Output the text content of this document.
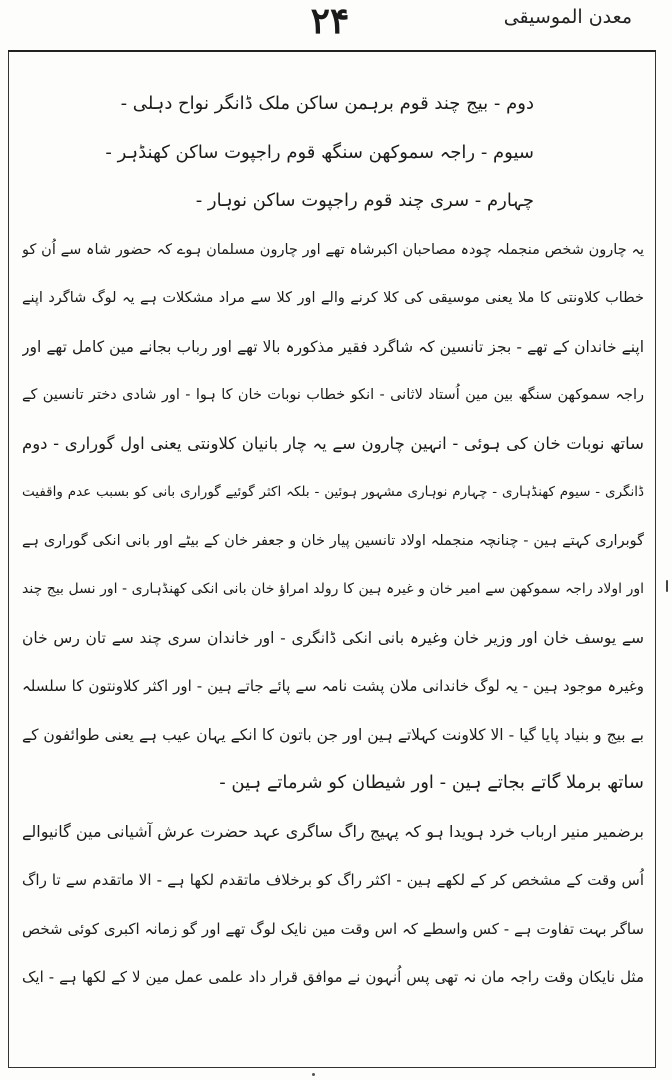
معدن الموسیقی
۲۴
دوم - بیج چند قوم برہمن ساکن ملک ڈانگر نواح دہلی -
سیوم - راجہ سموکھن سنگھ قوم راجپوت ساکن کھنڈہر -
چہارم - سری چند قوم راجپوت ساکن نوہار -
یہ چارون شخص منجملہ چودہ مصاحبان اکبرشاہ تھے اور چارون مسلمان ہوے کہ حضور شاہ سے اُن کو
خطاب کلاونتی کا ملا یعنی موسیقی کی کلا کرنے والے اور کلا سے مراد مشکلات ہے یہ لوگ شاگرد اپنے
اپنے خاندان کے تھے - بجز تانسین کہ شاگرد فقیر مذکورہ بالا تھے اور رباب بجانے مین کامل تھے اور
راجہ سموکھن سنگھ بین مین اُستاد لاثانی - انکو خطاب نوبات خان کا ہوا - اور شادی دختر تانسین کے
ساتھ نوبات خان کی ہوئی - انہین چارون سے یہ چار بانیان کلاونتی یعنی اول گوراری - دوم
ڈانگری - سیوم کھنڈہاری - چہارم نوہاری مشہور ہوئین - بلکہ اکثر گوئیے گوراری بانی کو بسبب عدم واقفیت
گوبراری کہتے ہین - چنانچہ منجملہ اولاد تانسین پیار خان و جعفر خان کے بیٹے اور بانی انکی گوراری ہے
اور اولاد راجہ سموکھن سے امیر خان و غیرہ ہین کا رولد امراؤ خان بانی انکی کھنڈہاری - اور نسل بیج چند
سے یوسف خان اور وزیر خان وغیرہ بانی انکی ڈانگری - اور خاندان سری چند سے تان رس خان
وغیرہ موجود ہین - یہ لوگ خاندانی ملان پشت نامہ سے پائے جاتے ہین - اور اکثر کلاونتون کا سلسلہ
بے بیج و بنیاد پایا گیا - الا کلاونت کہلاتے ہین اور جن باتون کا انکے یہان عیب ہے یعنی طوائفون کے
ساتھ برملا گاتے بجاتے ہین - اور شیطان کو شرماتے ہین -
برضمیر منیر ارباب خرد ہویدا ہو کہ پہیج راگ ساگری عہد حضرت عرش آشیانی مین گانیوالے
اُس وقت کے مشخص کر کے لکھے ہین - اکثر راگ کو برخلاف ماتقدم لکھا ہے - الا ماتقدم سے تا راگ
ساگر بہت تفاوت ہے - کس واسطے کہ اس وقت مین نایک لوگ تھے اور گو زمانہ اکبری کوئی شخص
مثل نایکان وقت راجہ مان نہ تھی پس اُنہون نے موافق قرار داد علمی عمل مین لا کے لکھا ہے - ایک
